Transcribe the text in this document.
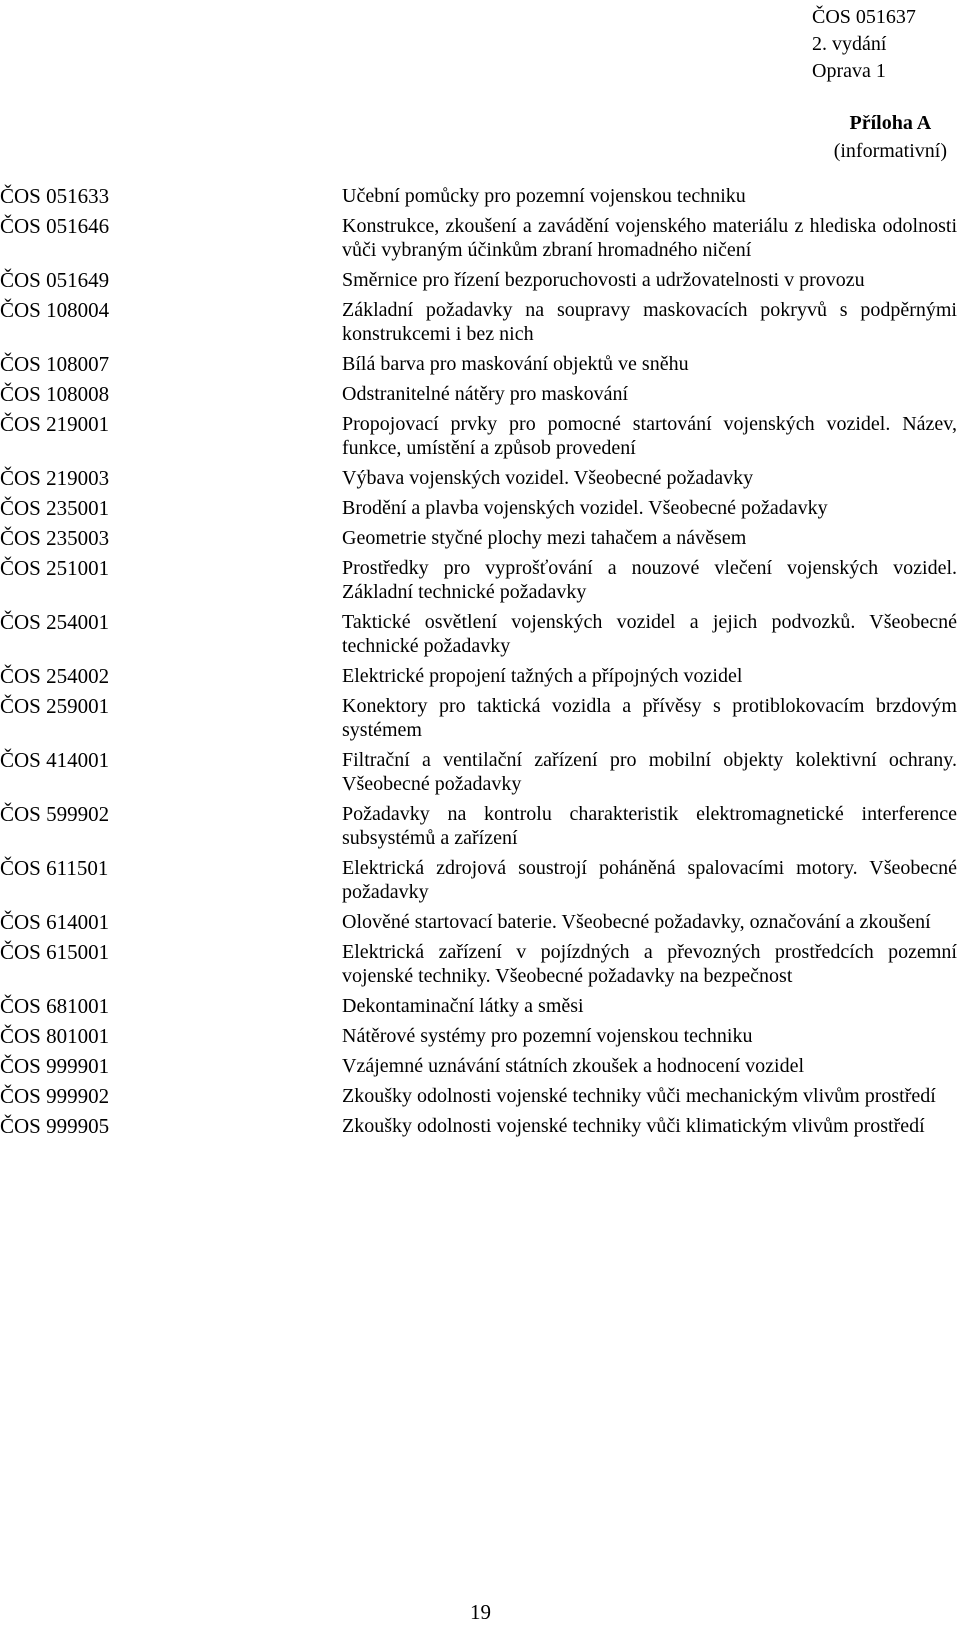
ČOS 051637
2. vydání
Oprava 1
Příloha A
(informativní)
ČOS 051633	Učební pomůcky pro pozemní vojenskou techniku
ČOS 051646	Konstrukce, zkoušení a zavádění vojenského materiálu z hlediska odolnosti vůči vybraným účinkům zbraní hromadného ničení
ČOS 051649	Směrnice pro řízení bezporuchovosti a udržovatelnosti v provozu
ČOS 108004	Základní požadavky na soupravy maskovacích pokryvů s podpěrnými konstrukcemi i bez nich
ČOS 108007	Bílá barva pro maskování objektů ve sněhu
ČOS 108008	Odstranitelné nátěry pro maskování
ČOS 219001	Propojovací prvky pro pomocné startování vojenských vozidel. Název, funkce, umístění a způsob provedení
ČOS 219003	Výbava vojenských vozidel. Všeobecné požadavky
ČOS 235001	Brodění a plavba vojenských vozidel. Všeobecné požadavky
ČOS 235003	Geometrie styčné plochy mezi tahačem a návěsem
ČOS 251001	Prostředky pro vyprošťování a nouzové vlečení vojenských vozidel. Základní technické požadavky
ČOS 254001	Taktické osvětlení vojenských vozidel a jejich podvozků. Všeobecné technické požadavky
ČOS 254002	Elektrické propojení tažných a přípojných vozidel
ČOS 259001	Konektory pro taktická vozidla a přívěsy s protiblokovacím brzdovým systémem
ČOS 414001	Filtrační a ventilační zařízení pro mobilní objekty kolektivní ochrany. Všeobecné požadavky
ČOS 599902	Požadavky na kontrolu charakteristik elektromagnetické interference subsystémů a zařízení
ČOS 611501	Elektrická zdrojová soustrojí poháněná spalovacími motory. Všeobecné požadavky
ČOS 614001	Olověné startovací baterie. Všeobecné požadavky, označování a zkoušení
ČOS 615001	Elektrická zařízení v pojízdných a převozných prostředcích pozemní vojenské techniky. Všeobecné požadavky na bezpečnost
ČOS 681001	Dekontaminační látky a směsi
ČOS 801001	Nátěrové systémy pro pozemní vojenskou techniku
ČOS 999901	Vzájemné uznávání státních zkoušek a hodnocení vozidel
ČOS 999902	Zkoušky odolnosti vojenské techniky vůči mechanickým vlivům prostředí
ČOS 999905	Zkoušky odolnosti vojenské techniky vůči klimatickým vlivům prostředí
19
